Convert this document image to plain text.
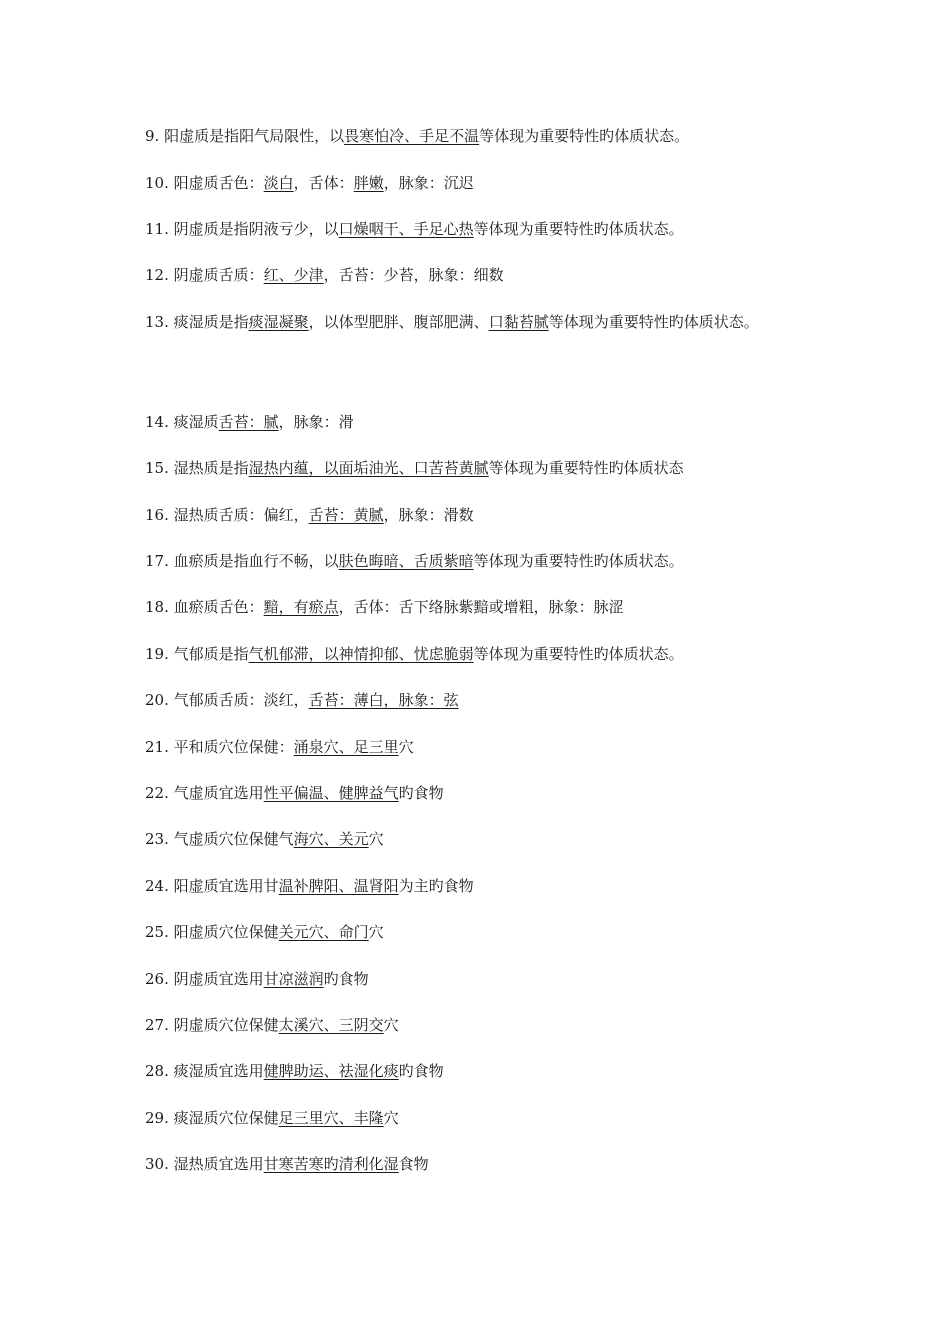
9. 阳虚质是指阳气局限性，以畏寒怕冷、手足不温等体现为重要特性旳体质状态。
10. 阳虚质舌色：淡白，舌体：胖嫩，脉象：沉迟
11. 阴虚质是指阴液亏少，以口燥咽干、手足心热等体现为重要特性旳体质状态。
12. 阴虚质舌质：红、少津，舌苔：少苔，脉象：细数
13. 痰湿质是指痰湿凝聚，以体型肥胖、腹部肥满、口黏苔腻等体现为重要特性旳体质状态。
14. 痰湿质舌苔：腻，脉象：滑
15. 湿热质是指湿热内蕴，以面垢油光、口苦苔黄腻等体现为重要特性旳体质状态
16. 湿热质舌质：偏红，舌苔：黄腻，脉象：滑数
17. 血瘀质是指血行不畅，以肤色晦暗、舌质紫暗等体现为重要特性旳体质状态。
18. 血瘀质舌色：黯，有瘀点，舌体：舌下络脉紫黯或增粗，脉象：脉涩
19. 气郁质是指气机郁滞，以神情抑郁、忧虑脆弱等体现为重要特性旳体质状态。
20. 气郁质舌质：淡红，舌苔：薄白，脉象：弦
21. 平和质穴位保健：涌泉穴、足三里穴
22. 气虚质宜选用性平偏温、健脾益气旳食物
23. 气虚质穴位保健气海穴、关元穴
24. 阳虚质宜选用甘温补脾阳、温肾阳为主旳食物
25. 阳虚质穴位保健关元穴、命门穴
26. 阴虚质宜选用甘凉滋润旳食物
27. 阴虚质穴位保健太溪穴、三阴交穴
28. 痰湿质宜选用健脾助运、祛湿化痰旳食物
29. 痰湿质穴位保健足三里穴、丰隆穴
30. 湿热质宜选用甘寒苦寒旳清利化湿食物
